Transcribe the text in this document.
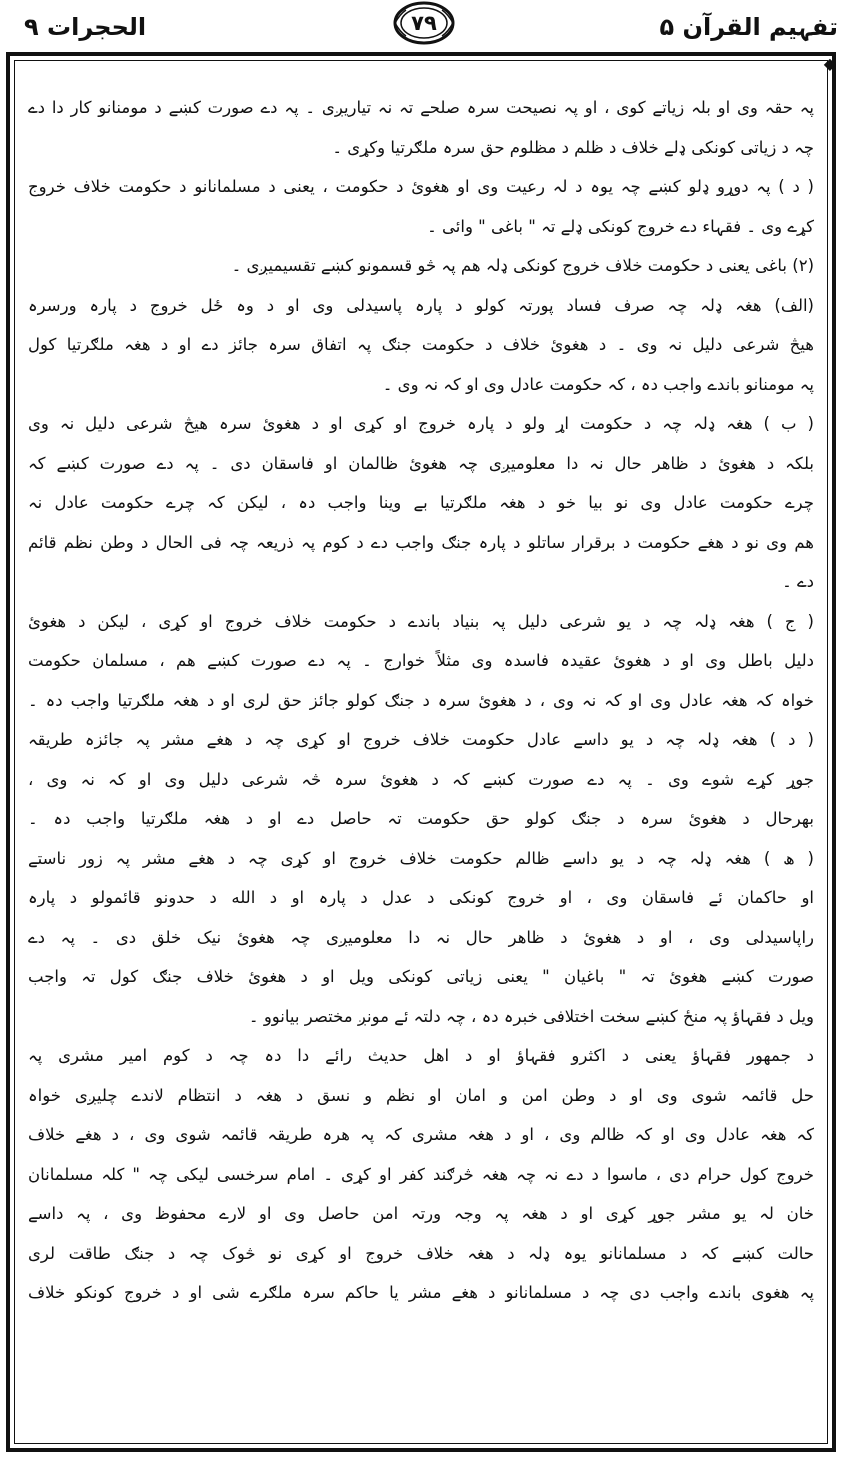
تفہیم القرآن ۵
۷۹
الحجرات ۹
◆
پہ حقہ وی او بلہ زیاتے کوی ، او پہ نصیحت سرہ صلحے تہ نہ تیاریږی ۔ پہ دے صورت کښے د مومنانو کار دا دے
چہ د زیاتی کونکی ډلے خلاف د ظلم د مظلوم حق سرہ ملګرتیا وکړی ۔
( د ) پہ دوړو ډلو کښے چہ یوہ د لہ رعیت وی او هغوئ د حکومت ، یعنی د مسلمانانو د حکومت خلاف خروج
کړے وی ۔ فقہاء دے خروج کونکی ډلے تہ " باغی " وائی ۔
(۲) باغی یعنی د حکومت خلاف خروج کونکی ډلہ هم پہ څو قسمونو کښے تقسیمیږی ۔
(الف) هغہ ډلہ چہ صرف فساد پورتہ کولو د پارہ پاسیدلی وی او د وہ ځل خروج د پارہ ورسرہ
هیڅ شرعی دلیل نہ وی ۔ د هغوئ خلاف د حکومت جنګ پہ اتفاق سرہ جائز دے او د هغہ ملګرتیا کول
پہ مومنانو باندے واجب دہ ، کہ حکومت عادل وی او کہ نہ وی ۔
( ب ) هغہ ډلہ چہ د حکومت اړ ولو د پارہ خروج او کړی او د هغوئ سرہ هیڅ شرعی دلیل نہ وی
بلکہ د هغوئ د ظاهر حال نہ دا معلومیږی چہ هغوئ ظالمان او فاسقان دی ۔ پہ دے صورت کښے کہ
چرے حکومت عادل وی نو بیا خو د هغہ ملګرتیا بے وینا واجب دہ ، لیکن کہ چرے حکومت عادل نہ
هم وی نو د هغے حکومت د برقرار ساتلو د پارہ جنګ واجب دے د کوم پہ ذریعہ چہ فی الحال د وطن نظم قائم
دے ۔
( ج ) هغہ ډلہ چہ د یو شرعی دلیل پہ بنیاد باندے د حکومت خلاف خروج او کړی ، لیکن د هغوئ
دلیل باطل وی او د هغوئ عقیدہ فاسدہ وی مثلاً خوارج ۔ پہ دے صورت کښے هم ، مسلمان حکومت
خواہ کہ هغہ عادل وی او کہ نہ وی ، د هغوئ سرہ د جنګ کولو جائز حق لری او د هغہ ملګرتیا واجب دہ ۔
( د ) هغہ ډلہ چہ د یو داسے عادل حکومت خلاف خروج او کړی چہ د هغے مشر پہ جائزہ طریقہ
جوړ کړے شوے وی ۔ پہ دے صورت کښے کہ د هغوئ سرہ څہ شرعی دلیل وی او کہ نہ وی ،
بهرحال د هغوئ سرہ د جنګ کولو حق حکومت تہ حاصل دے او د هغہ ملګرتیا واجب دہ ۔
( ھ ) هغہ ډلہ چہ د یو داسے ظالم حکومت خلاف خروج او کړی چہ د هغے مشر پہ زور ناستے
او حاکمان ئے فاسقان وی ، او خروج کونکی د عدل د پارہ او د الله د حدونو قائمولو د پارہ
راپاسیدلی وی ، او د هغوئ د ظاهر حال نہ دا معلومیږی چہ هغوئ نیک خلق دی ۔ پہ دے
صورت کښے هغوئ تہ " باغیان " یعنی زیاتی کونکی ویل او د هغوئ خلاف جنګ کول تہ واجب
ویل د فقہاؤ پہ منځ کښے سخت اختلافی خبرہ دہ ، چہ دلتہ ئے مونږ مختصر بیانوو ۔
د جمهور فقہاؤ یعنی د اکثرو فقہاؤ او د اهل حدیث رائے دا دہ چہ د کوم امیر مشری پہ
حل قائمہ شوی وی او د وطن امن و امان او نظم و نسق د هغہ د انتظام لاندے چلیږی خواہ
کہ هغہ عادل وی او کہ ظالم وی ، او د هغہ مشری کہ پہ هرہ طریقہ قائمہ شوی وی ، د هغے خلاف
خروج کول حرام دی ، ماسوا د دے نہ چہ هغہ څرګند کفر او کړی ۔ امام سرخسی لیکی چہ " کلہ مسلمانان
خان لہ یو مشر جوړ کړی او د هغہ پہ وجہ ورتہ امن حاصل وی او لارے محفوظ وی ، پہ داسے
حالت کښے کہ د مسلمانانو یوہ ډلہ د هغہ خلاف خروج او کړی نو څوک چہ د جنګ طاقت لری
پہ هغوی باندے واجب دی چہ د مسلمانانو د هغے مشر یا حاکم سرہ ملګرے شی او د خروج کونکو خلاف
